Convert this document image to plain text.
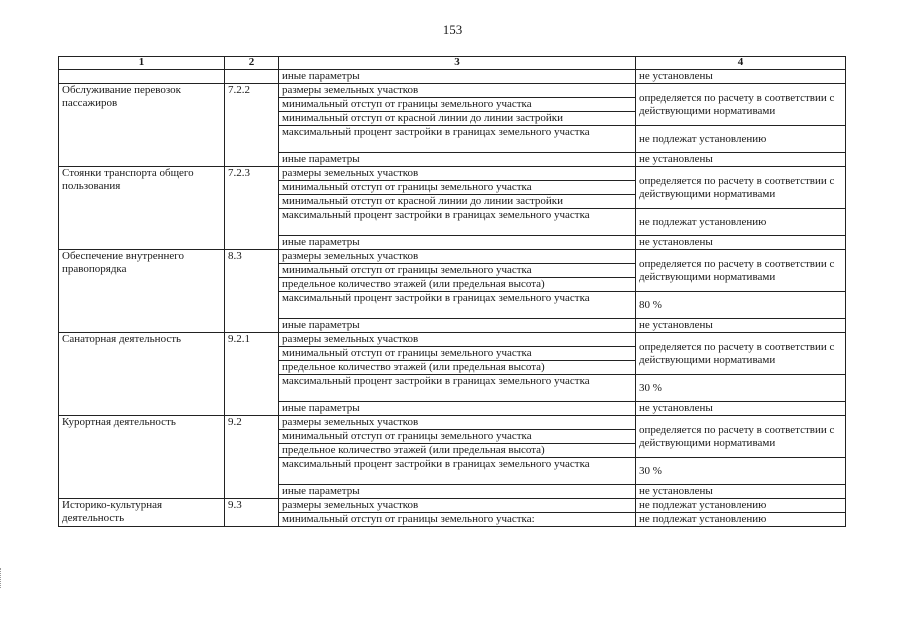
153
1	2	3	4
		иные параметры	не установлены
Обслуживание перевозок пассажиров	7.2.2	размеры земельных участков	определяется по расчету в соответствии с действующими нормативами
		минимальный отступ от границы земельного участка	
		минимальный отступ от красной линии до линии застройки	
		максимальный процент застройки в границах земельного участка	не подлежат установлению
		иные параметры	не установлены
Стоянки транспорта общего пользования	7.2.3	размеры земельных участков	определяется по расчету в соответствии с действующими нормативами
		минимальный отступ от границы земельного участка	
		минимальный отступ от красной линии до линии застройки	
		максимальный процент застройки в границах земельного участка	не подлежат установлению
		иные параметры	не установлены
Обеспечение внутреннего правопорядка	8.3	размеры земельных участков	определяется по расчету в соответствии с действующими нормативами
		минимальный отступ от границы земельного участка	
		предельное количество этажей (или предельная высота)	
		максимальный процент застройки в границах земельного участка	80 %
		иные параметры	не установлены
Санаторная деятельность	9.2.1	размеры земельных участков	определяется по расчету в соответствии с действующими нормативами
		минимальный отступ от границы земельного участка	
		предельное количество этажей (или предельная высота)	
		максимальный процент застройки в границах земельного участка	30 %
		иные параметры	не установлены
Курортная деятельность	9.2	размеры земельных участков	определяется по расчету в соответствии с действующими нормативами
		минимальный отступ от границы земельного участка	
		предельное количество этажей (или предельная высота)	
		максимальный процент застройки в границах земельного участка	30 %
		иные параметры	не установлены
Историко-культурная деятельность	9.3	размеры земельных участков	не подлежат установлению
		минимальный отступ от границы земельного участка:	не подлежат установлению
